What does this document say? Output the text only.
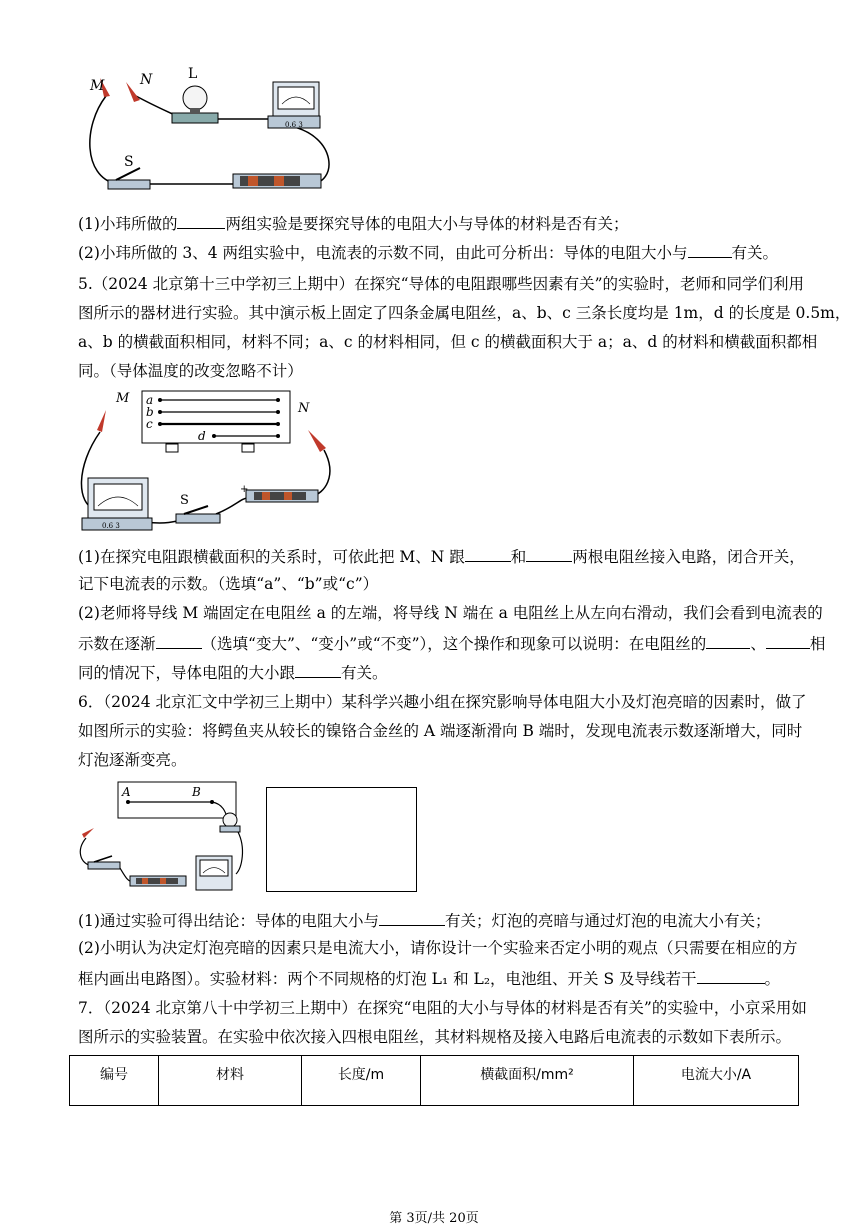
M	N	L
0.6 3
S
(1)小玮所做的	两组实验是要探究导体的电阻大小与导体的材料是否有关；
(2)小玮所做的 3、4 两组实验中，电流表的示数不同，由此可分析出：导体的电阻大小与	有关。
5.（2024 北京第十三中学初三上期中）在探究“导体的电阻跟哪些因素有关”的实验时，老师和同学们利用
图所示的器材进行实验。其中演示板上固定了四条金属电阻丝，a、b、c 三条长度均是 1m，d 的长度是 0.5m，
a、b 的横截面积相同，材料不同；a、c 的材料相同，但 c 的横截面积大于 a；a、d 的材料和横截面积都相
同。（导体温度的改变忽略不计）
a
b
c
d
M
N
0.6 3
S
+
(1)在探究电阻跟横截面积的关系时，可依此把 M、N 跟	和	两根电阻丝接入电路，闭合开关，
记下电流表的示数。（选填“a”、“b”或“c”）
(2)老师将导线 M 端固定在电阻丝 a 的左端，将导线 N 端在 a 电阻丝上从左向右滑动，我们会看到电流表的
示数在逐渐	（选填“变大”、“变小”或“不变”），这个操作和现象可以说明：在电阻丝的	、	相
同的情况下，导体电阻的大小跟	有关。
6．（2024 北京汇文中学初三上期中）某科学兴趣小组在探究影响导体电阻大小及灯泡亮暗的因素时，做了
如图所示的实验：将鳄鱼夹从较长的镍铬合金丝的 A 端逐渐滑向 B 端时，发现电流表示数逐渐增大，同时
灯泡逐渐变亮。
A	B
(1)通过实验可得出结论：导体的电阻大小与	有关；灯泡的亮暗与通过灯泡的电流大小有关；
(2)小明认为决定灯泡亮暗的因素只是电流大小，请你设计一个实验来否定小明的观点（只需要在相应的方
框内画出电路图）。实验材料：两个不同规格的灯泡 L₁ 和 L₂，电池组、开关 S 及导线若干	。
7．（2024 北京第八十中学初三上期中）在探究“电阻的大小与导体的材料是否有关”的实验中，小京采用如
图所示的实验装置。在实验中依次接入四根电阻丝，其材料规格及接入电路后电流表的示数如下表所示。
编号	材料	长度/m	横截面积/mm²	电流大小/A
第 3页/共 20页
